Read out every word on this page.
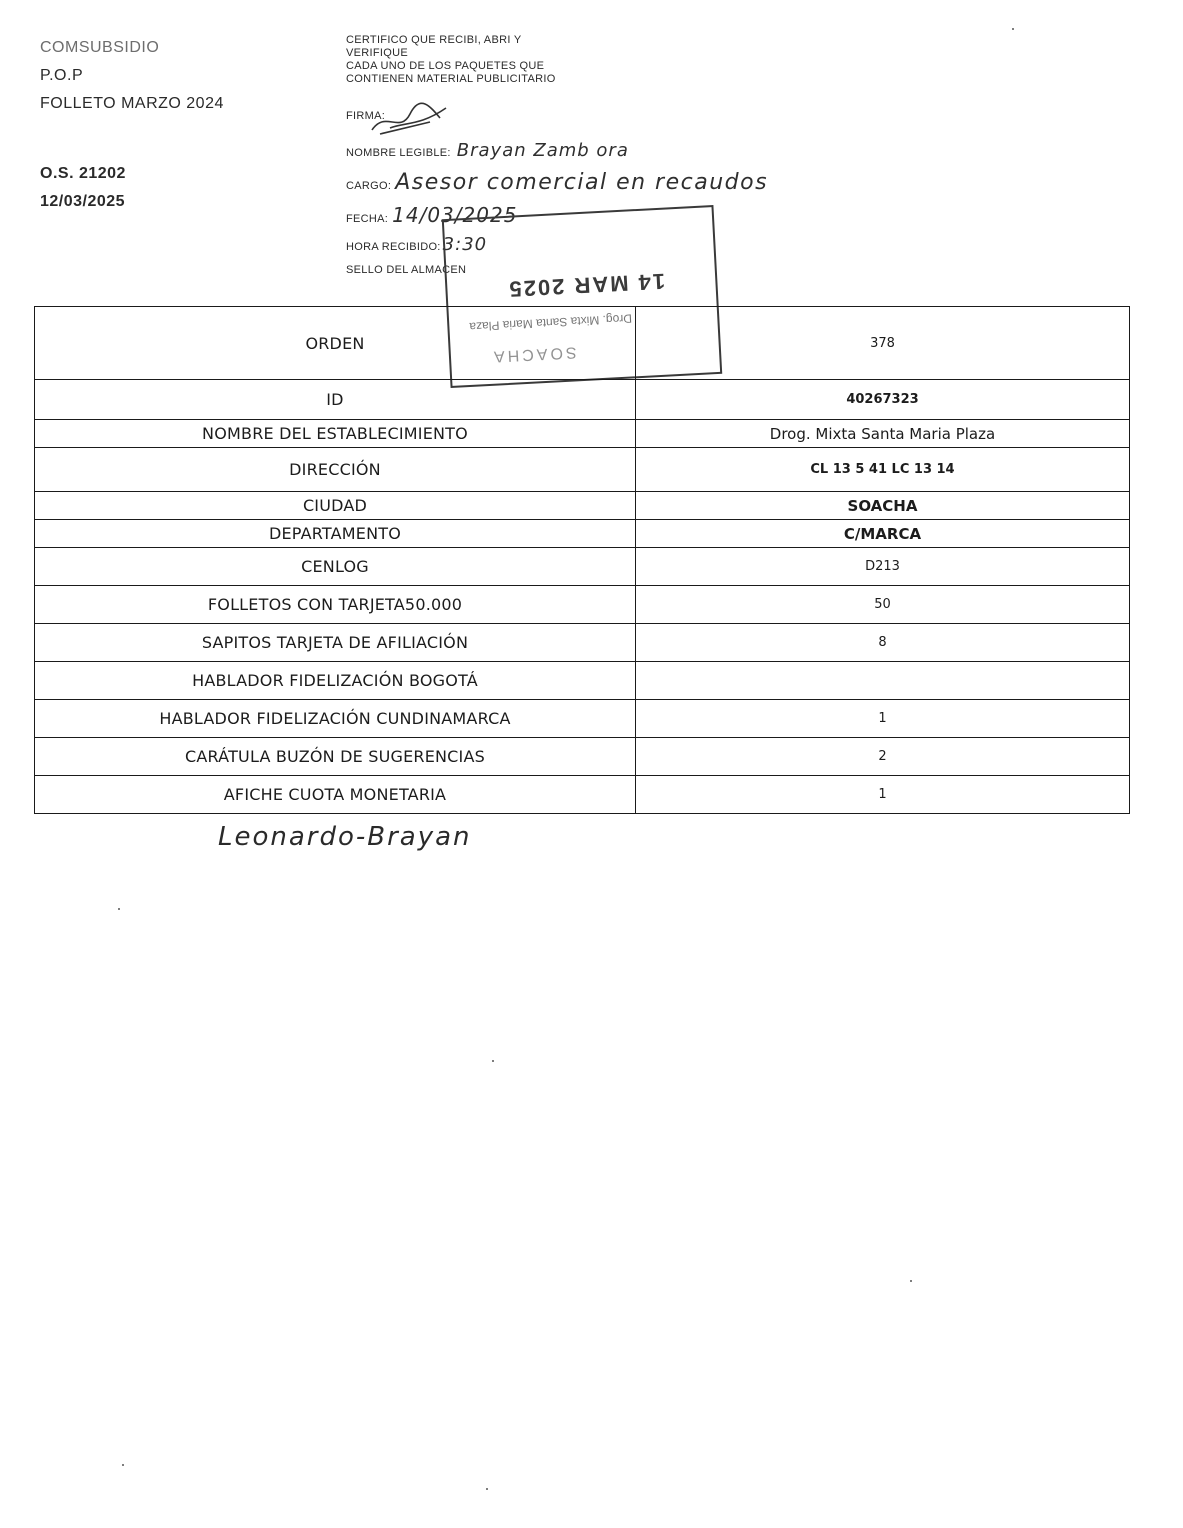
COMSUBSIDIO
P.O.P
FOLLETO MARZO 2024
O.S. 21202
12/03/2025
CERTIFICO QUE RECIBI, ABRI Y
VERIFIQUE
CADA UNO DE LOS PAQUETES QUE
CONTIENEN MATERIAL PUBLICITARIO
FIRMA:
NOMBRE LEGIBLE: Brayan Zamb ora
CARGO: Asesor comercial en recaudos
FECHA: 14/03/2025
HORA RECIBIDO: 3:30
SELLO DEL ALMACEN 14 MAR 2025
Drog. Mixta Santa Maria Plaza
SOACHA
ORDEN	378
ID	40267323
NOMBRE DEL ESTABLECIMIENTO	Drog. Mixta Santa Maria Plaza
DIRECCIÓN	CL 13 5 41 LC 13 14
CIUDAD	SOACHA
DEPARTAMENTO	C/MARCA
CENLOG	D213
FOLLETOS CON TARJETA50.000	50
SAPITOS TARJETA DE AFILIACIÓN	8
HABLADOR FIDELIZACIÓN BOGOTÁ	
HABLADOR FIDELIZACIÓN CUNDINAMARCA	1
CARÁTULA BUZÓN DE SUGERENCIAS	2
AFICHE CUOTA MONETARIA	1
Leonardo-Brayan
